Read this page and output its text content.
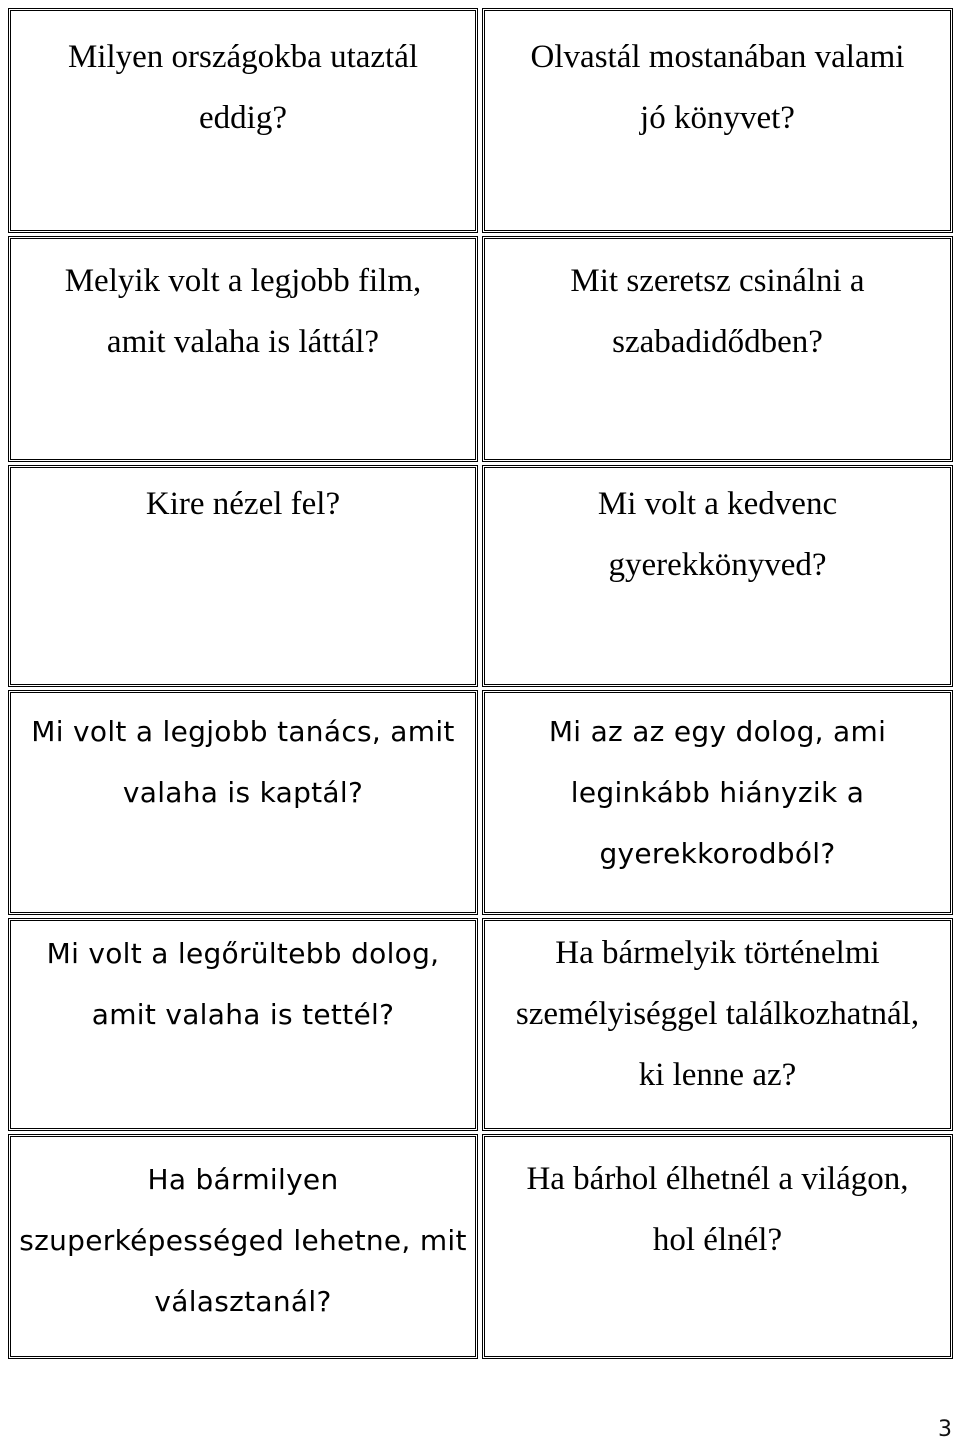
Milyen országokba utaztál
eddig?
Olvastál mostanában valami
jó könyvet?
Melyik volt a legjobb film,
amit valaha is láttál?
Mit szeretsz csinálni a
szabadidődben?
Kire nézel fel?	Mi volt a kedvenc
gyerekkönyved?
Mi volt a legjobb tanács, amit
valaha is kaptál?
Mi az az egy dolog, ami
leginkább hiányzik a
gyerekkorodból?
Mi volt a legőrültebb dolog,
amit valaha is tettél?
Ha bármelyik történelmi
személyiséggel találkozhatnál,
ki lenne az?
Ha bármilyen
szuperképességed lehetne, mit
választanál?
Ha bárhol élhetnél a világon,
hol élnél?
3
